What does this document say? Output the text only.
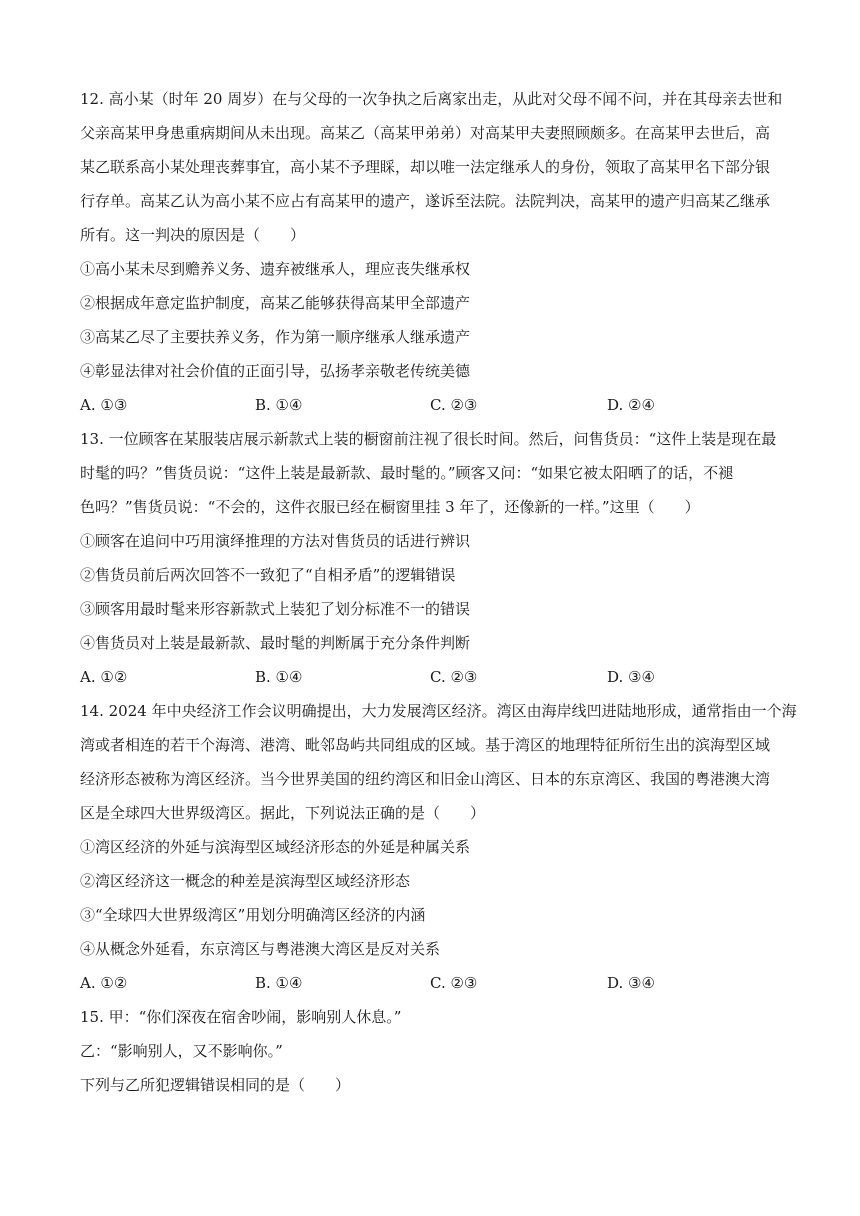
12. 高小某（时年 20 周岁）在与父母的一次争执之后离家出走，从此对父母不闻不问，并在其母亲去世和

父亲高某甲身患重病期间从未出现。高某乙（高某甲弟弟）对高某甲夫妻照顾颇多。在高某甲去世后，高

某乙联系高小某处理丧葬事宜，高小某不予理睬，却以唯一法定继承人的身份，领取了高某甲名下部分银

行存单。高某乙认为高小某不应占有高某甲的遗产，遂诉至法院。法院判决，高某甲的遗产归高某乙继承

所有。这一判决的原因是（　　）

①高小某未尽到赡养义务、遗弃被继承人，理应丧失继承权

②根据成年意定监护制度，高某乙能够获得高某甲全部遗产

③高某乙尽了主要扶养义务，作为第一顺序继承人继承遗产

④彰显法律对社会价值的正面引导，弘扬孝亲敬老传统美德

A. ①③	B. ①④	C. ②③	D. ②④

13. 一位顾客在某服装店展示新款式上装的橱窗前注视了很长时间。然后，问售货员：“这件上装是现在最

时髦的吗？”售货员说：“这件上装是最新款、最时髦的。”顾客又问：“如果它被太阳晒了的话，不褪

色吗？”售货员说：“不会的，这件衣服已经在橱窗里挂 3 年了，还像新的一样。”这里（　　）

①顾客在追问中巧用演绎推理的方法对售货员的话进行辨识

②售货员前后两次回答不一致犯了“自相矛盾”的逻辑错误

③顾客用最时髦来形容新款式上装犯了划分标准不一的错误

④售货员对上装是最新款、最时髦的判断属于充分条件判断

A. ①②	B. ①④	C. ②③	D. ③④

14. 2024 年中央经济工作会议明确提出，大力发展湾区经济。湾区由海岸线凹进陆地形成，通常指由一个海

湾或者相连的若干个海湾、港湾、毗邻岛屿共同组成的区域。基于湾区的地理特征所衍生出的滨海型区域

经济形态被称为湾区经济。当今世界美国的纽约湾区和旧金山湾区、日本的东京湾区、我国的粤港澳大湾

区是全球四大世界级湾区。据此，下列说法正确的是（　　）

①湾区经济的外延与滨海型区域经济形态的外延是种属关系

②湾区经济这一概念的种差是滨海型区域经济形态

③“全球四大世界级湾区”用划分明确湾区经济的内涵

④从概念外延看，东京湾区与粤港澳大湾区是反对关系

A. ①②	B. ①④	C. ②③	D. ③④

15. 甲：“你们深夜在宿舍吵闹，影响别人休息。”

乙：“影响别人，又不影响你。”

下列与乙所犯逻辑错误相同的是（　　）
